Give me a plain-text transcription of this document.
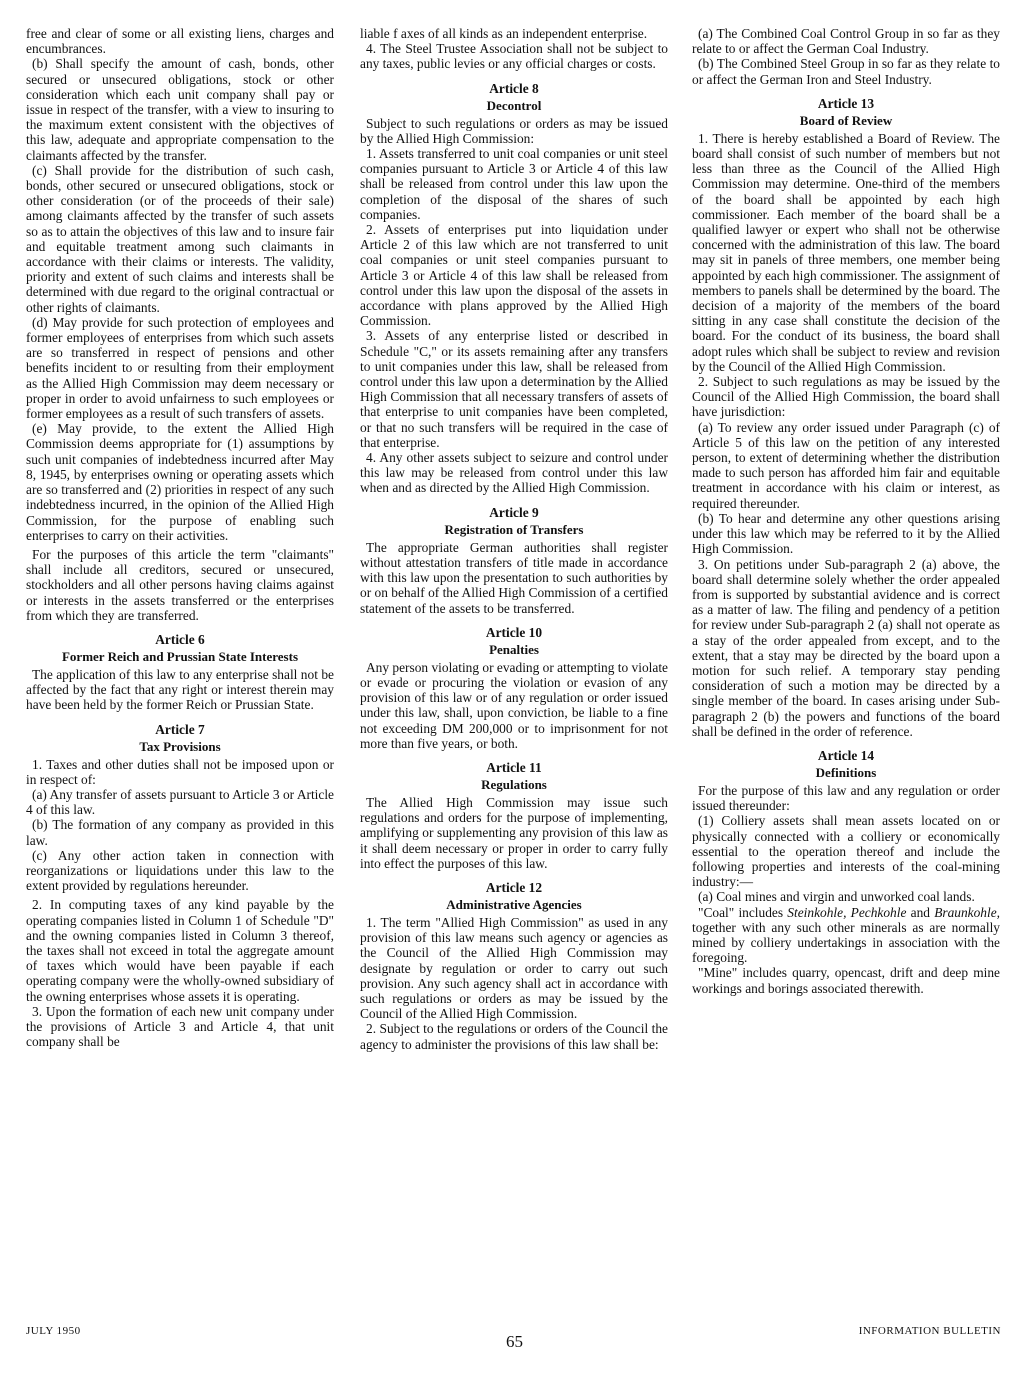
free and clear of some or all existing liens, charges and encumbrances.

(b) Shall specify the amount of cash, bonds, other secured or unsecured obligations, stock or other consideration which each unit company shall pay or issue in respect of the transfer, with a view to insuring to the maximum extent consistent with the objectives of this law, adequate and appropriate compensation to the claimants affected by the transfer.

(c) Shall provide for the distribution of such cash, bonds, other secured or unsecured obligations, stock or other consideration (or of the proceeds of their sale) among claimants affected by the transfer of such assets so as to attain the objectives of this law and to insure fair and equitable treatment among such claimants in accordance with their claims or interests. The validity, priority and extent of such claims and interests shall be determined with due regard to the original contractual or other rights of claimants.

(d) May provide for such protection of employees and former employees of enterprises from which such assets are so transferred in respect of pensions and other benefits incident to or resulting from their employment as the Allied High Commission may deem necessary or proper in order to avoid unfairness to such employees or former employees as a result of such transfers of assets.

(e) May provide, to the extent the Allied High Commission deems appropriate for (1) assumptions by such unit companies of indebtedness incurred after May 8, 1945, by enterprises owning or operating assets which are so transferred and (2) priorities in respect of any such indebtedness incurred, in the opinion of the Allied High Commission, for the purpose of enabling such enterprises to carry on their activities.

For the purposes of this article the term "claimants" shall include all creditors, secured or unsecured, stockholders and all other persons having claims against or interests in the assets transferred or the enterprises from which they are transferred.

Article 6
Former Reich and Prussian State Interests

The application of this law to any enterprise shall not be affected by the fact that any right or interest therein may have been held by the former Reich or Prussian State.

Article 7
Tax Provisions

1. Taxes and other duties shall not be imposed upon or in respect of:

(a) Any transfer of assets pursuant to Article 3 or Article 4 of this law.

(b) The formation of any company as provided in this law.

(c) Any other action taken in connection with reorganizations or liquidations under this law to the extent provided by regulations hereunder.

2. In computing taxes of any kind payable by the operating companies listed in Column 1 of Schedule "D" and the owning companies listed in Column 3 thereof, the taxes shall not exceed in total the aggregate amount of taxes which would have been payable if each operating company were the wholly-owned subsidiary of the owning enterprises whose assets it is operating.

3. Upon the formation of each new unit company under the provisions of Article 3 and Article 4, that unit company shall be

liable f axes of all kinds as an independent enterprise.

4. The Steel Trustee Association shall not be subject to any taxes, public levies or any official charges or costs.

Article 8
Decontrol

Subject to such regulations or orders as may be issued by the Allied High Commission:

1. Assets transferred to unit coal companies or unit steel companies pursuant to Article 3 or Article 4 of this law shall be released from control under this law upon the completion of the disposal of the shares of such companies.

2. Assets of enterprises put into liquidation under Article 2 of this law which are not transferred to unit coal companies or unit steel companies pursuant to Article 3 or Article 4 of this law shall be released from control under this law upon the disposal of the assets in accordance with plans approved by the Allied High Commission.

3. Assets of any enterprise listed or described in Schedule "C," or its assets remaining after any transfers to unit companies under this law, shall be released from control under this law upon a determination by the Allied High Commission that all necessary transfers of assets of that enterprise to unit companies have been completed, or that no such transfers will be required in the case of that enterprise.

4. Any other assets subject to seizure and control under this law may be released from control under this law when and as directed by the Allied High Commission.

Article 9
Registration of Transfers

The appropriate German authorities shall register without attestation transfers of title made in accordance with this law upon the presentation to such authorities by or on behalf of the Allied High Commission of a certified statement of the assets to be transferred.

Article 10
Penalties

Any person violating or evading or attempting to violate or evade or procuring the violation or evasion of any provision of this law or of any regulation or order issued under this law, shall, upon conviction, be liable to a fine not exceeding DM 200,000 or to imprisonment for not more than five years, or both.

Article 11
Regulations

The Allied High Commission may issue such regulations and orders for the purpose of implementing, amplifying or supplementing any provision of this law as it shall deem necessary or proper in order to carry fully into effect the purposes of this law.

Article 12
Administrative Agencies

1. The term "Allied High Commission" as used in any provision of this law means such agency or agencies as the Council of the Allied High Commission may designate by regulation or order to carry out such provision. Any such agency shall act in accordance with such regulations or orders as may be issued by the Council of the Allied High Commission.

2. Subject to the regulations or orders of the Council the agency to administer the provisions of this law shall be:

(a) The Combined Coal Control Group in so far as they relate to or affect the German Coal Industry.

(b) The Combined Steel Group in so far as they relate to or affect the German Iron and Steel Industry.

Article 13
Board of Review

1. There is hereby established a Board of Review. The board shall consist of such number of members but not less than three as the Council of the Allied High Commission may determine. One-third of the members of the board shall be appointed by each high commissioner. Each member of the board shall be a qualified lawyer or expert who shall not be otherwise concerned with the administration of this law. The board may sit in panels of three members, one member being appointed by each high commissioner. The assignment of members to panels shall be determined by the board. The decision of a majority of the members of the board sitting in any case shall constitute the decision of the board. For the conduct of its business, the board shall adopt rules which shall be subject to review and revision by the Council of the Allied High Commission.

2. Subject to such regulations as may be issued by the Council of the Allied High Commission, the board shall have jurisdiction:

(a) To review any order issued under Paragraph (c) of Article 5 of this law on the petition of any interested person, to extent of determining whether the distribution made to such person has afforded him fair and equitable treatment in accordance with his claim or interest, as required thereunder.

(b) To hear and determine any other questions arising under this law which may be referred to it by the Allied High Commission.

3. On petitions under Sub-paragraph 2 (a) above, the board shall determine solely whether the order appealed from is supported by substantial avidence and is correct as a matter of law. The filing and pendency of a petition for review under Sub-paragraph 2 (a) shall not operate as a stay of the order appealed from except, and to the extent, that a stay may be directed by the board upon a motion for such relief. A temporary stay pending consideration of such a motion may be directed by a single member of the board. In cases arising under Sub-paragraph 2 (b) the powers and functions of the board shall be defined in the order of reference.

Article 14
Definitions

For the purpose of this law and any regulation or order issued thereunder:

(1) Colliery assets shall mean assets located on or physically connected with a colliery or economically essential to the operation thereof and include the following properties and interests of the coal-mining industry:—

(a) Coal mines and virgin and unworked coal lands.

"Coal" includes Steinkohle, Pechkohle and Braunkohle, together with any such other minerals as are normally mined by colliery undertakings in association with the foregoing.

"Mine" includes quarry, opencast, drift and deep mine workings and borings associated therewith.

JULY 1950
65
INFORMATION BULLETIN
